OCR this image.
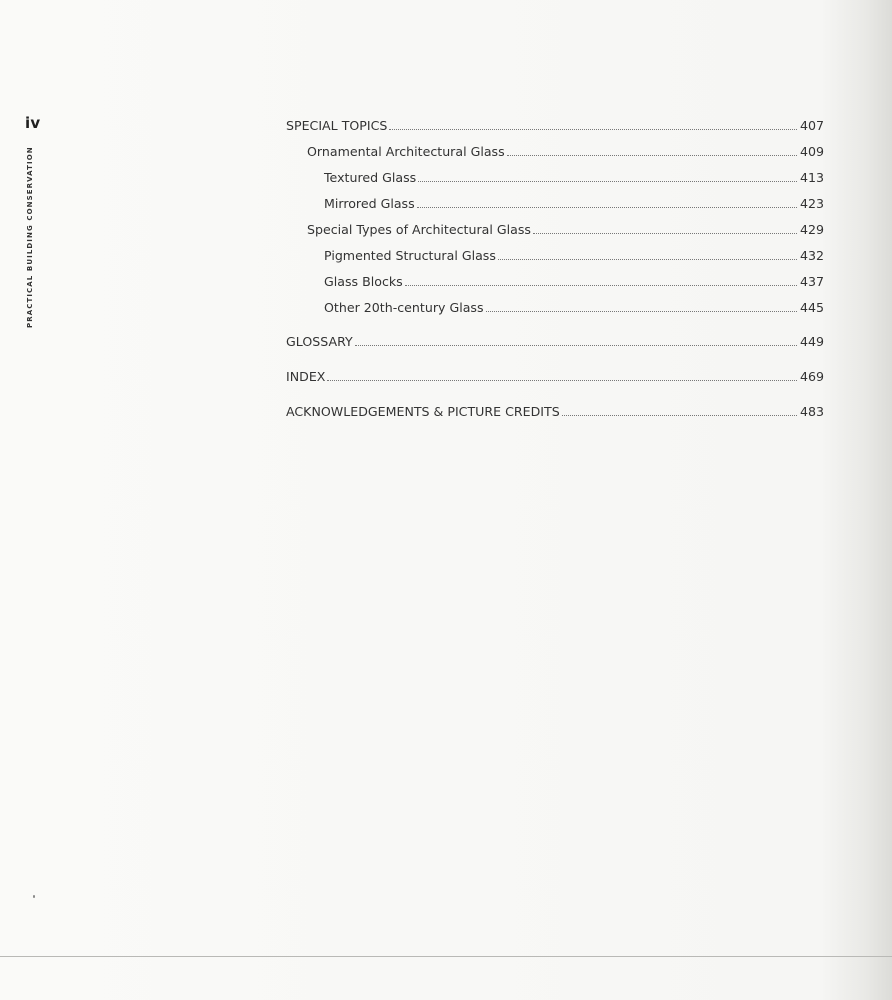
iv
PRACTICAL BUILDING CONSERVATION
SPECIAL TOPICS	407
Ornamental Architectural Glass	409
Textured Glass	413
Mirrored Glass	423
Special Types of Architectural Glass	429
Pigmented Structural Glass	432
Glass Blocks	437
Other 20th-century Glass	445
GLOSSARY	449
INDEX	469
ACKNOWLEDGEMENTS & PICTURE CREDITS	483
